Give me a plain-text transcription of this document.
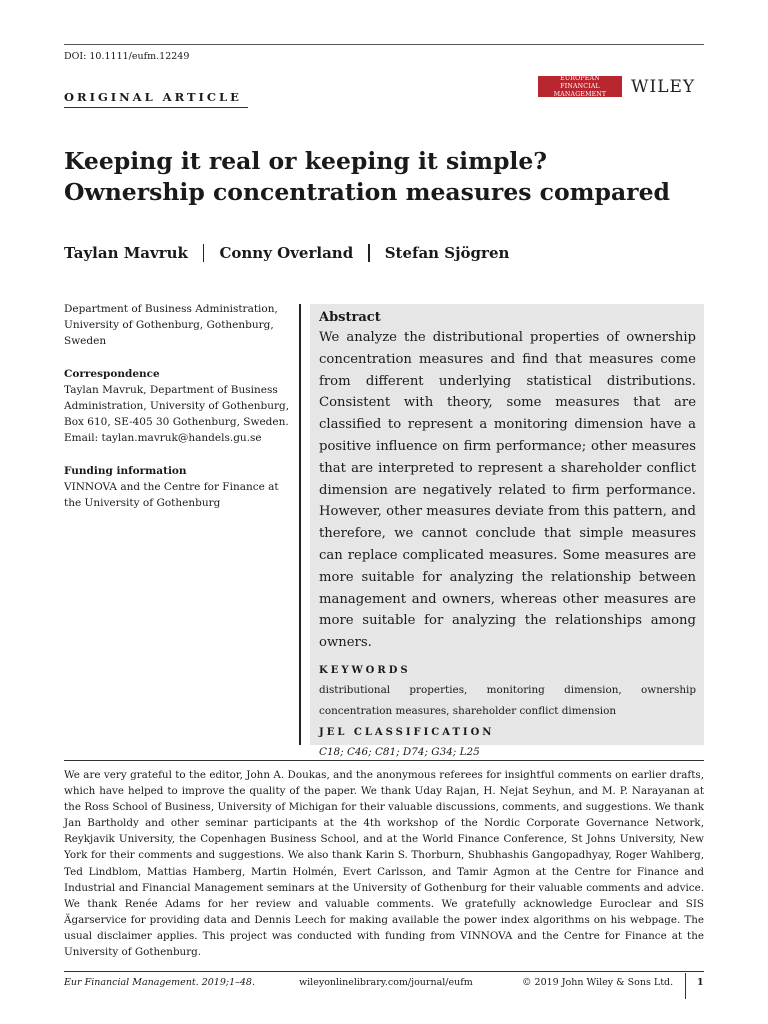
DOI: 10.1111/eufm.12249
ORIGINAL ARTICLE
EUROPEAN
FINANCIAL MANAGEMENT	WILEY
Keeping it real or keeping it simple?
Ownership concentration measures compared
Taylan Mavruk Conny Overland Stefan Sjögren

Department of Business Administration, University of Gothenburg, Gothenburg, Sweden

Correspondence

Taylan Mavruk, Department of Business Administration, University of Gothenburg, Box 610, SE-405 30 Gothenburg, Sweden.

Email: taylan.mavruk@handels.gu.se

Funding information

VINNOVA and the Centre for Finance at the University of Gothenburg

Abstract

We analyze the distributional properties of ownership concentration measures and find that measures come from different underlying statistical distributions. Consistent with theory, some measures that are classified to represent a monitoring dimension have a positive influence on firm performance; other measures that are interpreted to represent a shareholder conflict dimension are negatively related to firm performance. However, other measures deviate from this pattern, and therefore, we cannot conclude that simple measures can replace complicated measures. Some measures are more suitable for analyzing the relationship between management and owners, whereas other measures are more suitable for analyzing the relationships among owners.

KEYWORDS
distributional properties, monitoring dimension, ownership concentration measures, shareholder conflict dimension
JEL CLASSIFICATION
C18; C46; C81; D74; G34; L25

We are very grateful to the editor, John A. Doukas, and the anonymous referees for insightful comments on earlier drafts, which have helped to improve the quality of the paper. We thank Uday Rajan, H. Nejat Seyhun, and M. P. Narayanan at the Ross School of Business, University of Michigan for their valuable discussions, comments, and suggestions. We thank Jan Bartholdy and other seminar participants at the 4th workshop of the Nordic Corporate Governance Network, Reykjavik University, the Copenhagen Business School, and at the World Finance Conference, St Johns University, New York for their comments and suggestions. We also thank Karin S. Thorburn, Shubhashis Gangopadhyay, Roger Wahlberg, Ted Lindblom, Mattias Hamberg, Martin Holmén, Evert Carlsson, and Tamir Agmon at the Centre for Finance and Industrial and Financial Management seminars at the University of Gothenburg for their valuable comments and advice. We thank Renée Adams for her review and valuable comments. We gratefully acknowledge Euroclear and SIS Ägarservice for providing data and Dennis Leech for making available the power index algorithms on his webpage. The usual disclaimer applies. This project was conducted with funding from VINNOVA and the Centre for Finance at the University of Gothenburg.

Eur Financial Management. 2019;1–48.	wileyonlinelibrary.com/journal/eufm	© 2019 John Wiley & Sons Ltd.	1
